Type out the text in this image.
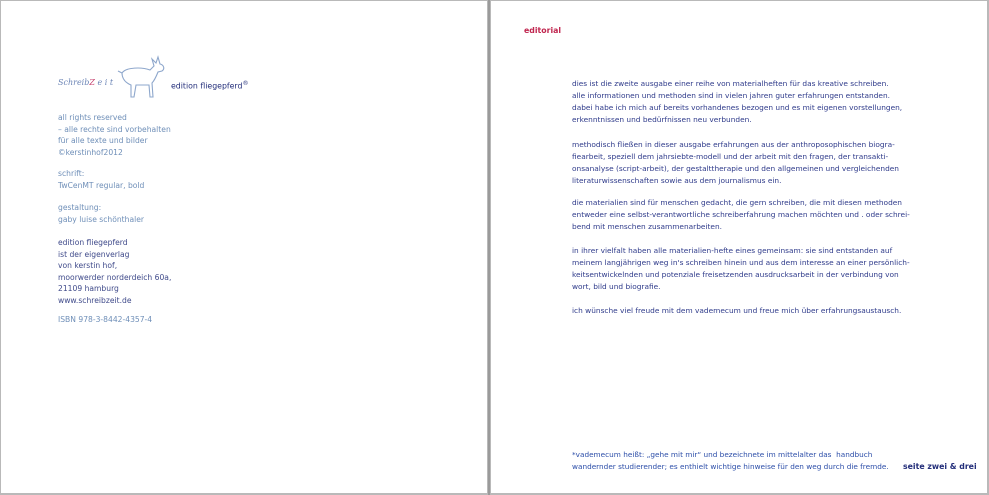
SchreibZ e i t	edition fliegepferd®
all rights reserved
– alle rechte sind vorbehalten
für alle texte und bilder
©kerstinhof2012
schrift:
TwCenMT regular, bold
gestaltung:
gaby luise schönthaler
edition fliegepferd
ist der eigenverlag
von kerstin hof,
moorwerder norderdeich 60a,
21109 hamburg
www.schreibzeit.de
ISBN 978-3-8442-4357-4
editorial
dies ist die zweite ausgabe einer reihe von materialheften für das kreative schreiben.
alle informationen und methoden sind in vielen jahren guter erfahrungen entstanden.
dabei habe ich mich auf bereits vorhandenes bezogen und es mit eigenen vorstellungen,
erkenntnissen und bedürfnissen neu verbunden.
methodisch fließen in dieser ausgabe erfahrungen aus der anthroposophischen biogra-
fiearbeit, speziell dem jahrsiebte-modell und der arbeit mit den fragen, der transakti-
onsanalyse (script-arbeit), der gestalttherapie und den allgemeinen und vergleichenden
literaturwissenschaften sowie aus dem journalismus ein.
die materialien sind für menschen gedacht, die gern schreiben, die mit diesen methoden
entweder eine selbst-verantwortliche schreiberfahrung machen möchten und . oder schrei-
bend mit menschen zusammenarbeiten.
in ihrer vielfalt haben alle materialien-hefte eines gemeinsam: sie sind entstanden auf
meinem langjährigen weg in's schreiben hinein und aus dem interesse an einer persönlich-
keitsentwickelnden und potenziale freisetzenden ausdrucksarbeit in der verbindung von
wort, bild und biografie.
ich wünsche viel freude mit dem vademecum und freue mich über erfahrungsaustausch.
*vademecum heißt: „gehe mit mir“ und bezeichnete im mittelalter das  handbuch
wandernder studierender; es enthielt wichtige hinweise für den weg durch die fremde. seite zwei & drei
